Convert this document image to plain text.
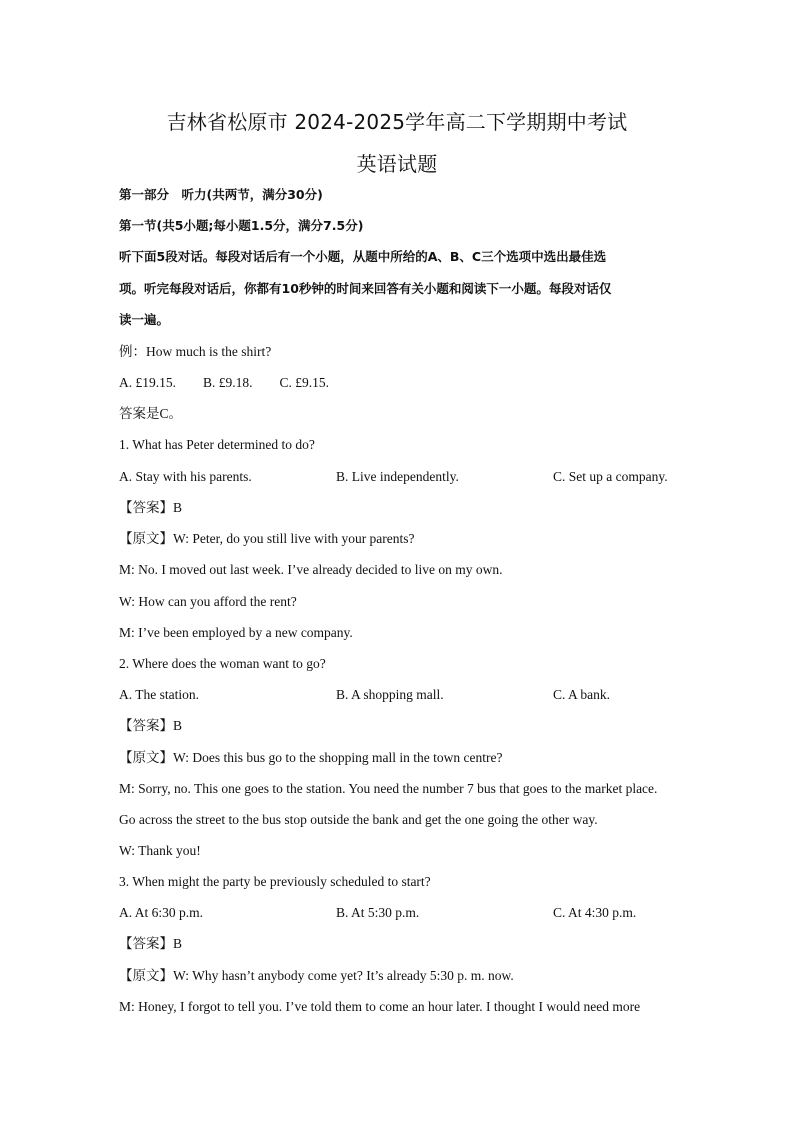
吉林省松原市 2024-2025学年高二下学期期中考试
英语试题
第一部分　听力(共两节，满分30分)
第一节(共5小题;每小题1.5分，满分7.5分)
听下面5段对话。每段对话后有一个小题，从题中所给的A、B、C三个选项中选出最佳选
项。听完每段对话后，你都有10秒钟的时间来回答有关小题和阅读下一小题。每段对话仅
读一遍。
例：How much is the shirt?
A. £19.15.　　B. £9.18.　　C. £9.15.
答案是C。
1. What has Peter determined to do?
A. Stay with his parents.	B. Live independently.	C. Set up a company.
【答案】B
【原文】W: Peter, do you still live with your parents?
M: No. I moved out last week. I’ve already decided to live on my own.
W: How can you afford the rent?
M: I’ve been employed by a new company.
2. Where does the woman want to go?
A. The station.	B. A shopping mall.	C. A bank.
【答案】B
【原文】W: Does this bus go to the shopping mall in the town centre?
M: Sorry, no. This one goes to the station. You need the number 7 bus that goes to the market place.
Go across the street to the bus stop outside the bank and get the one going the other way.
W: Thank you!
3. When might the party be previously scheduled to start?
A. At 6:30 p.m.	B. At 5:30 p.m.	C. At 4:30 p.m.
【答案】B
【原文】W: Why hasn’t anybody come yet? It’s already 5:30 p. m. now.
M: Honey, I forgot to tell you. I’ve told them to come an hour later. I thought I would need more
